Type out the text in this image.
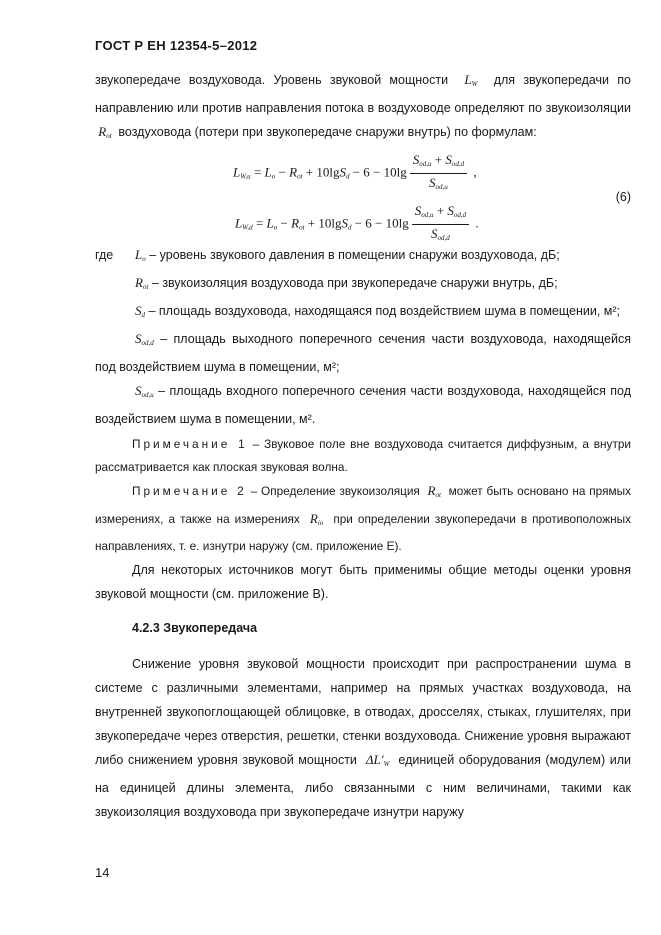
ГОСТ Р ЕН 12354-5–2012

звукопередаче воздуховода. Уровень звуковой мощности  $L_W$ для звукопередачи по направлению или против направления потока в воздуховоде определяют по звукоизоляции  $R_{ot}$ воздуховода (потери при звукопередаче снаружи внутрь) по формулам:

$L_{W,u} = L_o - R_{ot} + 10\lg S_d - 6 - 10\lg \frac{S_{od,u} + S_{od,d}}{S_{od,u}}$ ,
$L_{W,d} = L_o - R_{ot} + 10\lg S_d - 6 - 10\lg \frac{S_{od,u} + S_{od,d}}{S_{od,d}}$ .
(6)
где	$L_o$ – уровень звукового давления в помещении снаружи воздуховода, дБ;
$R_{ot}$ – звукоизоляция воздуховода при звукопередаче снаружи внутрь, дБ;
$S_d$ – площадь воздуховода, находящаяся под воздействием шума в помещении, м²;
$S_{od,d}$ – площадь выходного поперечного сечения части воздуховода, находящейся под воздействием шума в помещении, м²;
$S_{od,u}$ – площадь входного поперечного сечения части воздуховода, находящейся под воздействием шума в помещении, м².
Примечание 1 – Звуковое поле вне воздуховода считается диффузным, а внутри рассматривается как плоская звуковая волна.
Примечание 2 – Определение звукоизоляция  $R_{ot}$ может быть основано на прямых измерениях, а также на измерениях  $R_{io}$ при определении звукопередачи в противоположных направлениях, т. е. изнутри наружу (см. приложение Е).

Для некоторых источников могут быть применимы общие методы оценки уровня звуковой мощности (см. приложение В).

4.2.3 Звукопередача

Снижение уровня звуковой мощности происходит при распространении шума в системе с различными элементами, например на прямых участках воздуховода, на внутренней звукопоглощающей облицовке, в отводах, дросселях, стыках, глушителях, при звукопередаче через отверстия, решетки, стенки воздуховода. Снижение уровня выражают либо снижением уровня звуковой мощности  $\Delta L'_W$ единицей оборудования (модулем) или на единицей длины элемента, либо связанными с ним величинами, такими как звукоизоляция воздуховода при звукопередаче изнутри наружу

14
